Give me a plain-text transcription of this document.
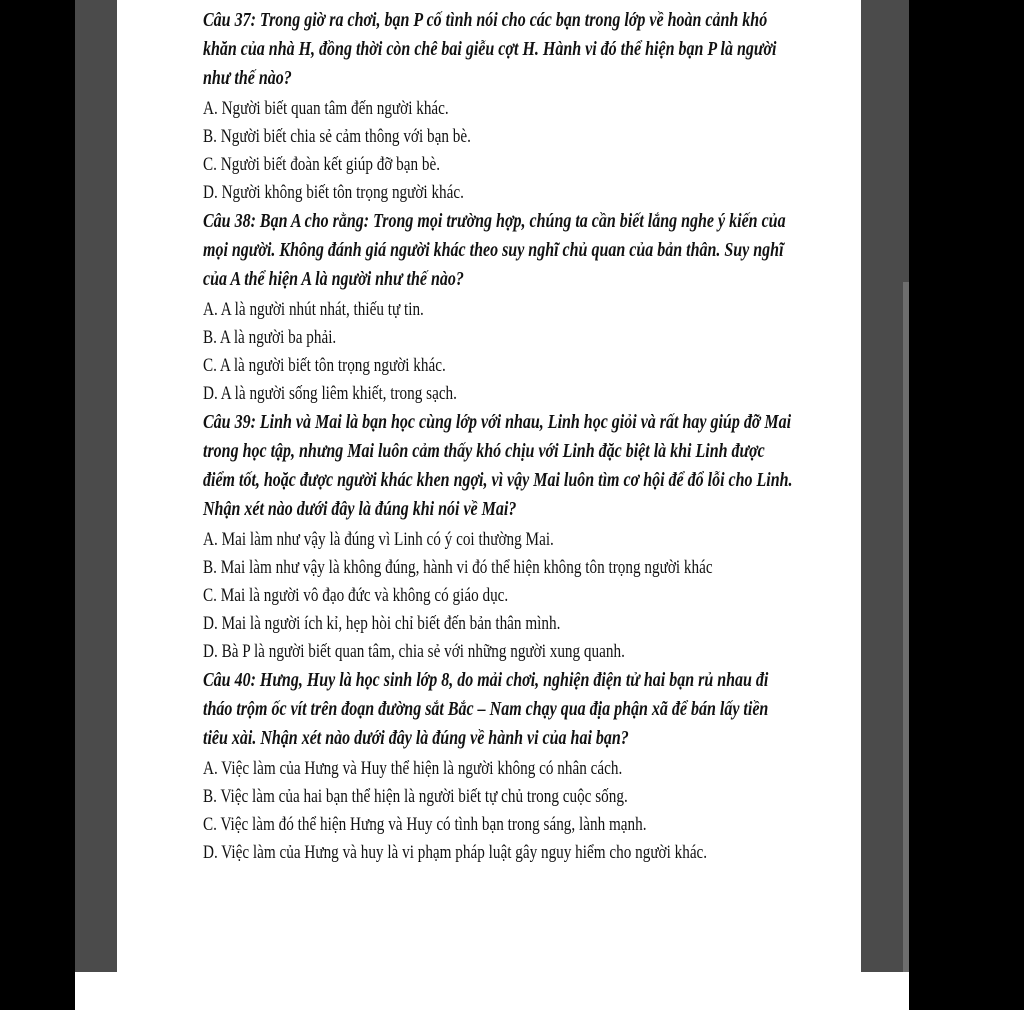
Câu 37: Trong giờ ra chơi, bạn P cố tình nói cho các bạn trong lớp về hoàn cảnh khó khăn của nhà H, đồng thời còn chê bai giễu cợt H. Hành vi đó thể hiện bạn P là người như thế nào?
A. Người biết quan tâm đến người khác.
B. Người biết chia sẻ cảm thông với bạn bè.
C. Người biết đoàn kết giúp đỡ bạn bè.
D. Người không biết tôn trọng người khác.
Câu 38: Bạn A cho rằng: Trong mọi trường hợp, chúng ta cần biết lắng nghe ý kiến của mọi người. Không đánh giá người khác theo suy nghĩ chủ quan của bản thân. Suy nghĩ của A thể hiện A là người như thế nào?
A. A là người nhút nhát, thiếu tự tin.
B. A là người ba phải.
C. A là người biết tôn trọng người khác.
D. A là người sống liêm khiết, trong sạch.
Câu 39: Linh và Mai là bạn học cùng lớp với nhau, Linh học giỏi và rất hay giúp đỡ Mai trong học tập, nhưng Mai luôn cảm thấy khó chịu với Linh đặc biệt là khi Linh được điểm tốt, hoặc được người khác khen ngợi, vì vậy Mai luôn tìm cơ hội để đổ lỗi cho Linh. Nhận xét nào dưới đây là đúng khi nói về Mai?
A. Mai làm như vậy là đúng vì Linh có ý coi thường Mai.
B. Mai làm như vậy là không đúng, hành vi đó thể hiện không tôn trọng người khác
C. Mai là người vô đạo đức và không có giáo dục.
D. Mai là người ích kỉ, hẹp hòi chỉ biết đến bản thân mình.
D. Bà P là người biết quan tâm, chia sẻ với những người xung quanh.
Câu 40: Hưng, Huy là học sinh lớp 8, do mải chơi, nghiện điện tử hai bạn rủ nhau đi tháo trộm ốc vít trên đoạn đường sắt Bắc – Nam chạy qua địa phận xã để bán lấy tiền tiêu xài. Nhận xét nào dưới đây là đúng về hành vi của hai bạn?
A. Việc làm của Hưng và Huy thể hiện là người không có nhân cách.
B. Việc làm của hai bạn thể hiện là người biết tự chủ trong cuộc sống.
C. Việc làm đó thể hiện Hưng và Huy có tình bạn trong sáng, lành mạnh.
D. Việc làm của Hưng và huy là vi phạm pháp luật gây nguy hiểm cho người khác.
